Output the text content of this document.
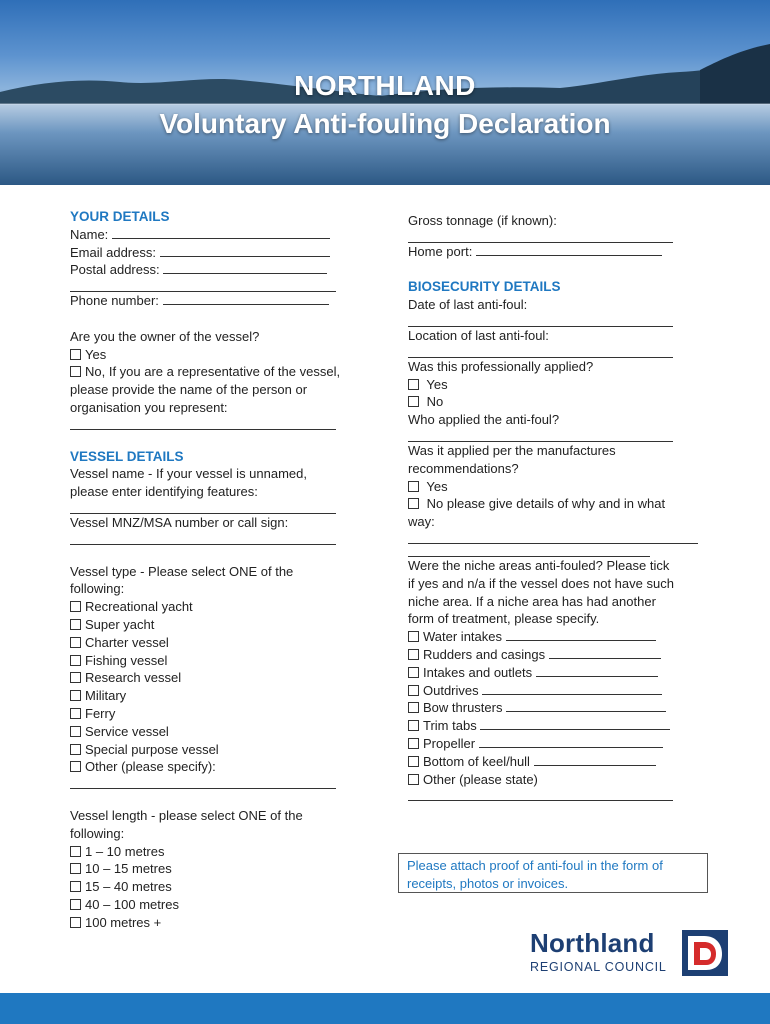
NORTHLAND
Voluntary Anti-fouling Declaration
YOUR DETAILS
Name:
Email address:
Postal address:
Phone number:
Are you the owner of the vessel?
Yes
No, If you are a representative of the vessel,
please provide the name of the person or
organisation you represent:
VESSEL DETAILS
Vessel name - If your vessel is unnamed,
please enter identifying features:
Vessel MNZ/MSA number or call sign:
Vessel type - Please select ONE of the
following:
Recreational yacht
Super yacht
Charter vessel
Fishing vessel
Research vessel
Military
Ferry
Service vessel
Special purpose vessel
Other (please specify):
Vessel length - please select ONE of the
following:
1 – 10 metres
10 – 15 metres
15 – 40 metres
40 – 100 metres
100 metres +
Gross tonnage (if known):
Home port:
BIOSECURITY DETAILS
Date of last anti-foul:
Location of last anti-foul:
Was this professionally applied?
Yes
No
Who applied the anti-foul?
Was it applied per the manufactures
recommendations?
Yes
No please give details of why and in what
way:
Were the niche areas anti-fouled? Please tick
if yes and n/a if the vessel does not have such
niche area. If a niche area has had another
form of treatment, please specify.
Water intakes
Rudders and casings
Intakes and outlets
Outdrives
Bow thrusters
Trim tabs
Propeller
Bottom of keel/hull
Other (please state)
Please attach proof of anti-foul in the form of
receipts, photos or invoices.
Northland
REGIONAL COUNCIL
